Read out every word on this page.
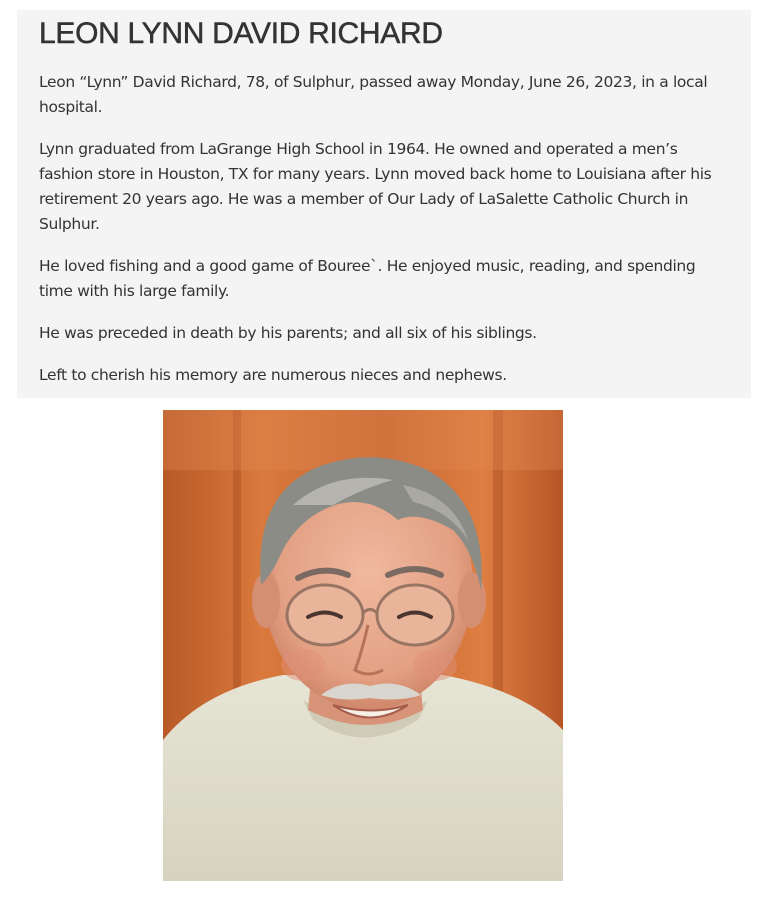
LEON LYNN DAVID RICHARD

Leon “Lynn” David Richard, 78, of Sulphur, passed away Monday, June 26, 2023, in a local hospital.

Lynn graduated from LaGrange High School in 1964. He owned and operated a men’s fashion store in Houston, TX for many years. Lynn moved back home to Louisiana after his retirement 20 years ago. He was a member of Our Lady of LaSalette Catholic Church in Sulphur.

He loved fishing and a good game of Bouree`. He enjoyed music, reading, and spending time with his large family.

He was preceded in death by his parents; and all six of his siblings.

Left to cherish his memory are numerous nieces and nephews.
